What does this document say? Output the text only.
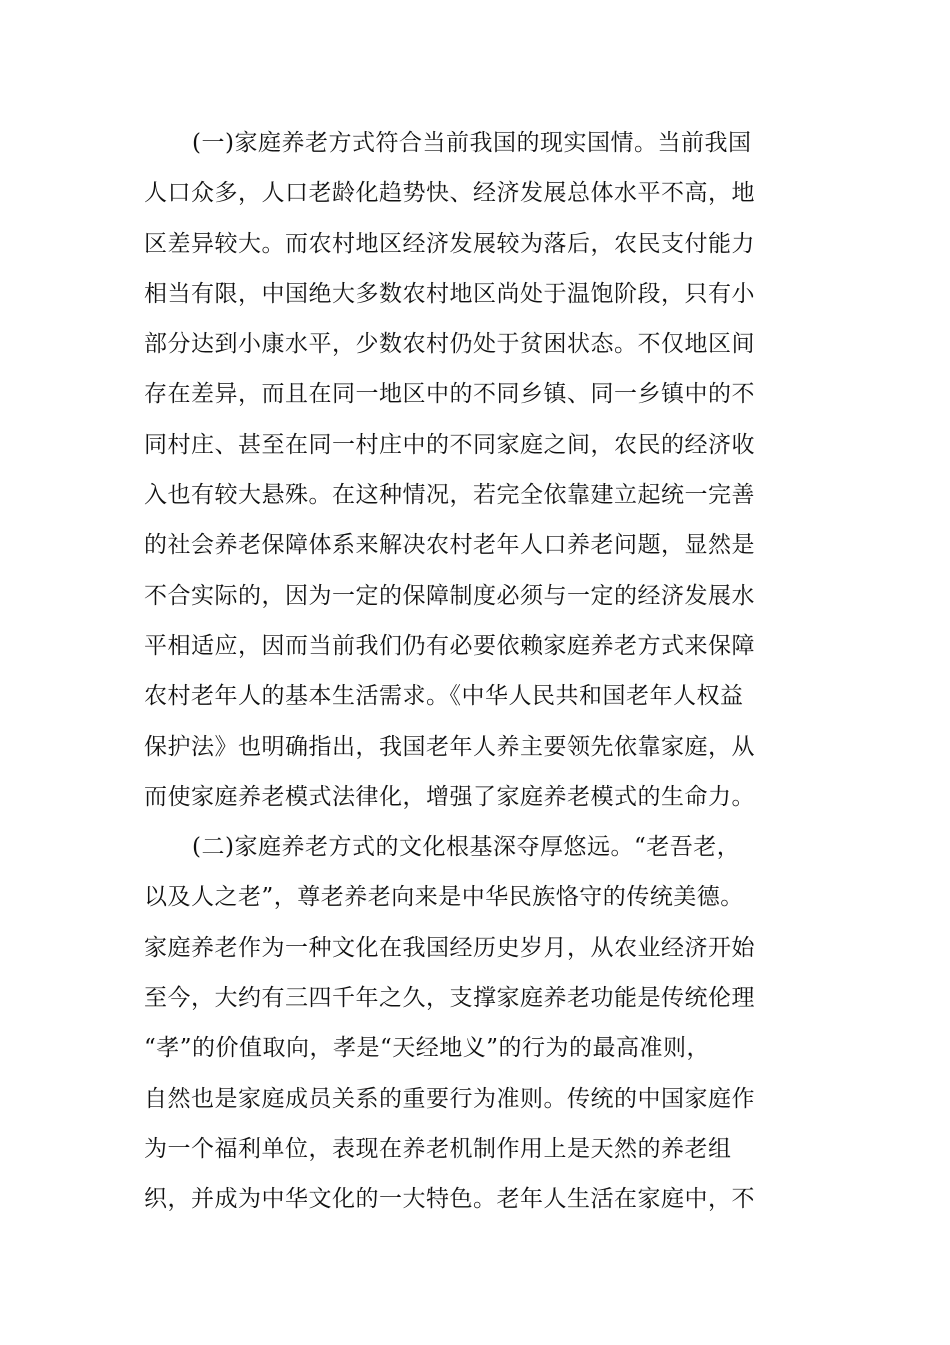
(一)家庭养老方式符合当前我国的现实国情。当前我国
人口众多，人口老龄化趋势快、经济发展总体水平不高，地
区差异较大。而农村地区经济发展较为落后，农民支付能力
相当有限，中国绝大多数农村地区尚处于温饱阶段，只有小
部分达到小康水平，少数农村仍处于贫困状态。不仅地区间
存在差异，而且在同一地区中的不同乡镇、同一乡镇中的不
同村庄、甚至在同一村庄中的不同家庭之间，农民的经济收
入也有较大悬殊。在这种情况，若完全依靠建立起统一完善
的社会养老保障体系来解决农村老年人口养老问题，显然是
不合实际的，因为一定的保障制度必须与一定的经济发展水
平相适应，因而当前我们仍有必要依赖家庭养老方式来保障
农村老年人的基本生活需求。《中华人民共和国老年人权益
保护法》也明确指出，我国老年人养主要领先依靠家庭，从
而使家庭养老模式法律化，增强了家庭养老模式的生命力。
(二)家庭养老方式的文化根基深夺厚悠远。“老吾老，
以及人之老”，尊老养老向来是中华民族恪守的传统美德。
家庭养老作为一种文化在我国经历史岁月，从农业经济开始
至今，大约有三四千年之久，支撑家庭养老功能是传统伦理
“孝”的价值取向，孝是“天经地义”的行为的最高准则，
自然也是家庭成员关系的重要行为准则。传统的中国家庭作
为一个福利单位，表现在养老机制作用上是天然的养老组
织，并成为中华文化的一大特色。老年人生活在家庭中，不
